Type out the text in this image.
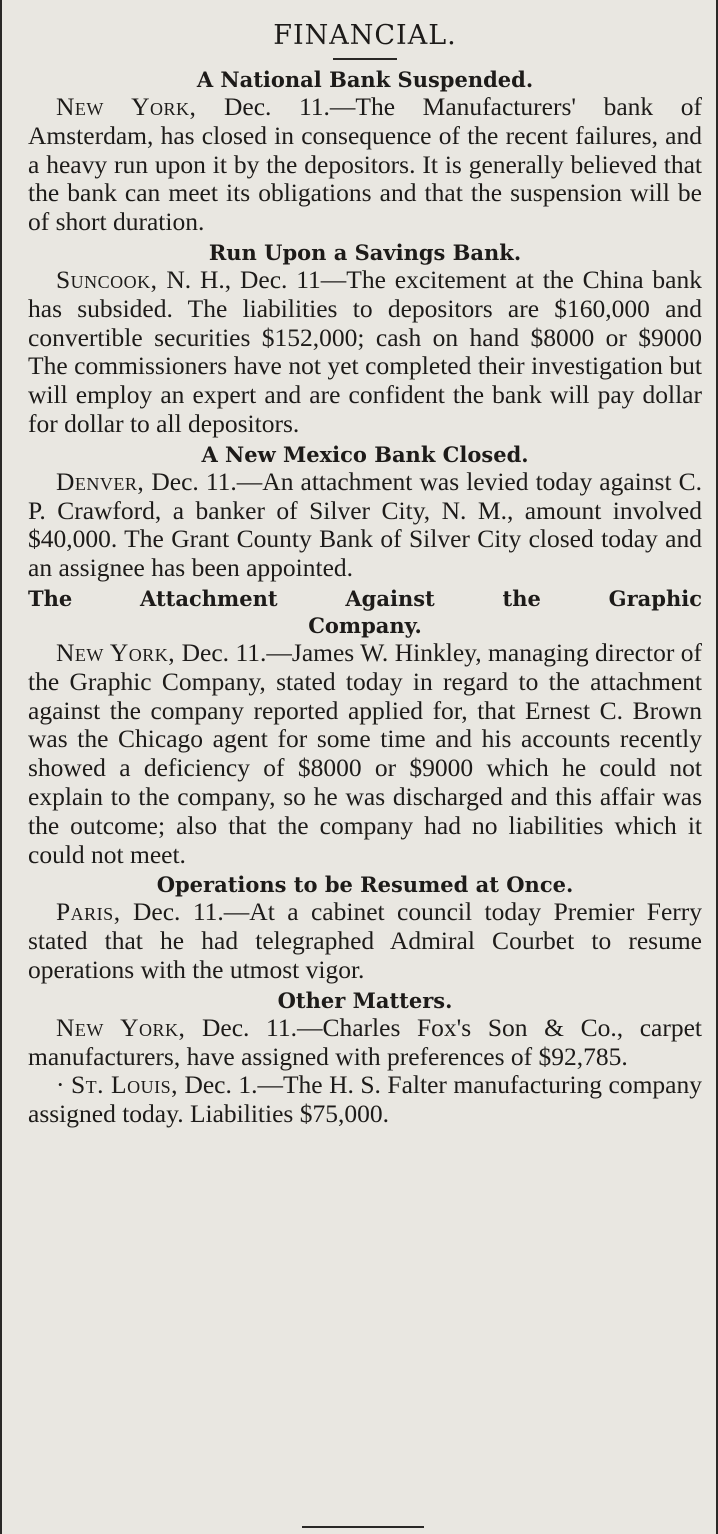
FINANCIAL.
A National Bank Suspended.

New York, Dec. 11.—The Manufacturers' bank of Amsterdam, has closed in consequence of the recent failures, and a heavy run upon it by the depositors. It is generally believed that the bank can meet its obligations and that the suspension will be of short duration.

Run Upon a Savings Bank.

Suncook, N. H., Dec. 11—The excitement at the China bank has subsided. The liabilities to depositors are $160,000 and convertible securities $152,000; cash on hand $8000 or $9000 The commissioners have not yet completed their investigation but will employ an expert and are confident the bank will pay dollar for dollar to all depositors.

A New Mexico Bank Closed.

Denver, Dec. 11.—An attachment was levied today against C. P. Crawford, a banker of Silver City, N. M., amount involved $40,000. The Grant County Bank of Silver City closed today and an assignee has been appointed.

The Attachment Against the Graphic
Company.

New York, Dec. 11.—James W. Hinkley, managing director of the Graphic Company, stated today in regard to the attachment against the company reported applied for, that Ernest C. Brown was the Chicago agent for some time and his accounts recently showed a deficiency of $8000 or $9000 which he could not explain to the company, so he was discharged and this affair was the outcome; also that the company had no liabilities which it could not meet.

Operations to be Resumed at Once.

Paris, Dec. 11.—At a cabinet council today Premier Ferry stated that he had telegraphed Admiral Courbet to resume operations with the utmost vigor.

Other Matters.

New York, Dec. 11.—Charles Fox's Son & Co., carpet manufacturers, have assigned with preferences of $92,785.

· St. Louis, Dec. 1.—The H. S. Falter manufacturing company assigned today. Liabilities $75,000.
